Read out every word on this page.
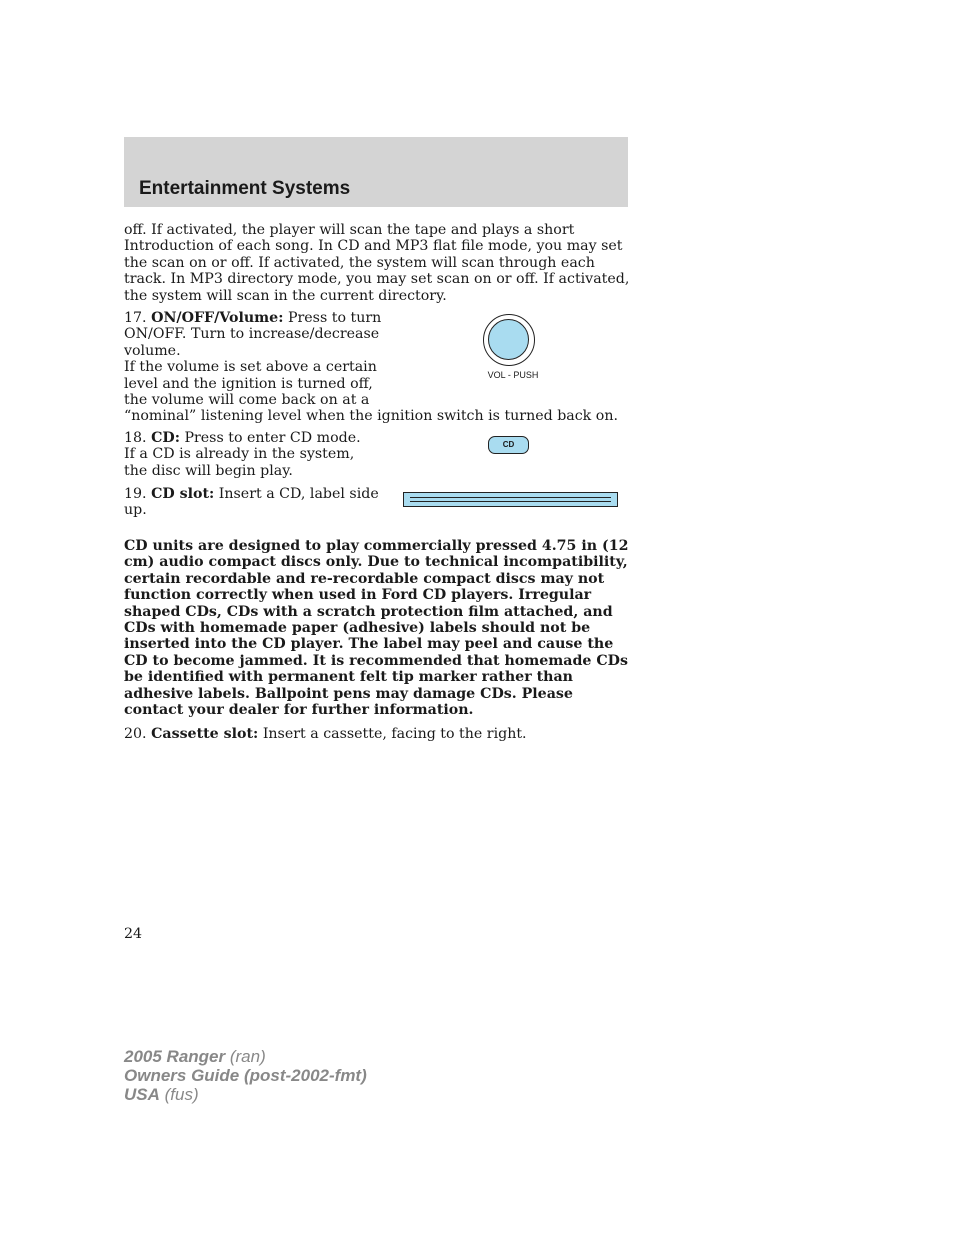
Entertainment Systems

off. If activated, the player will scan the tape and plays a short Introduction of each song. In CD and MP3 flat file mode, you may set the scan on or off. If activated, the system will scan through each track. In MP3 directory mode, you may set scan on or off. If activated, the system will scan in the current directory.

17. ON/OFF/Volume: Press to turn
ON/OFF. Turn to increase/decrease
volume.
If the volume is set above a certain
level and the ignition is turned off,
the volume will come back on at a
“nominal” listening level when the ignition switch is turned back on.
VOL - PUSH

18. CD: Press to enter CD mode. If a CD is already in the system, the disc will begin play.

CD

19. CD slot: Insert a CD, label side up.

CD units are designed to play commercially pressed 4.75 in (12 cm) audio compact discs only. Due to technical incompatibility, certain recordable and re-recordable compact discs may not function correctly when used in Ford CD players. Irregular shaped CDs, CDs with a scratch protection film attached, and CDs with homemade paper (adhesive) labels should not be inserted into the CD player. The label may peel and cause the CD to become jammed. It is recommended that homemade CDs be identified with permanent felt tip marker rather than adhesive labels. Ballpoint pens may damage CDs. Please contact your dealer for further information.

20. Cassette slot: Insert a cassette, facing to the right.

24
2005 Ranger (ran)
Owners Guide (post-2002-fmt)
USA (fus)
